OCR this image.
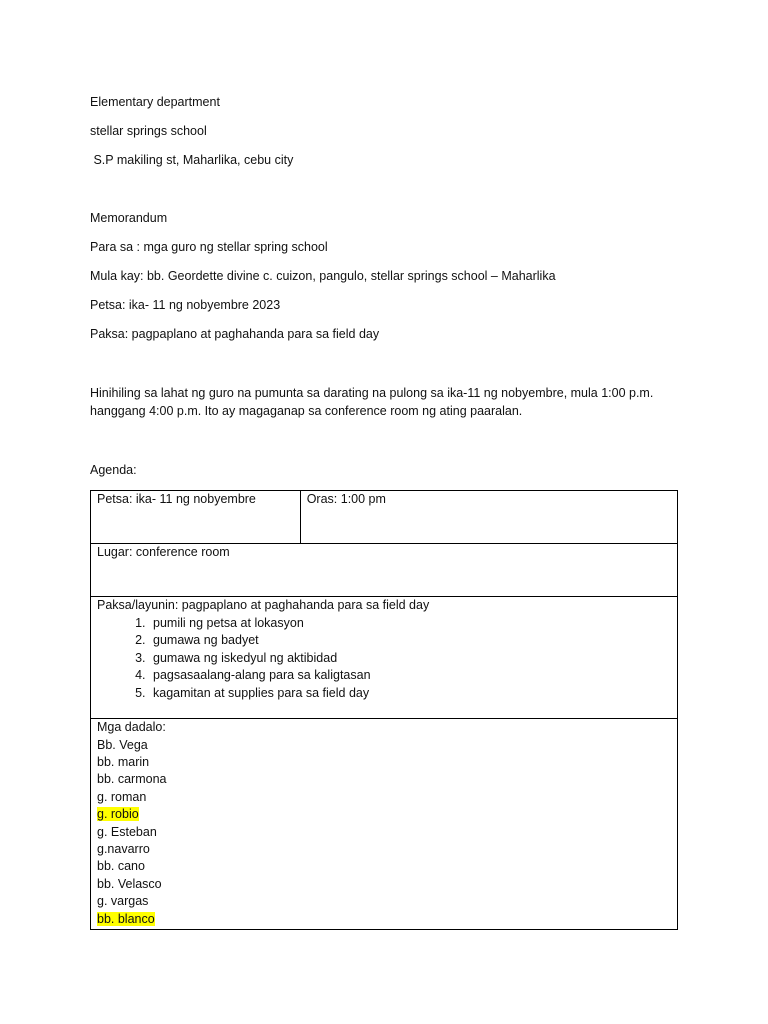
Elementary department
stellar springs school
S.P makiling st, Maharlika, cebu city
Memorandum
Para sa : mga guro ng stellar spring school
Mula kay: bb. Geordette divine c. cuizon, pangulo, stellar springs school – Maharlika
Petsa: ika- 11 ng nobyembre 2023
Paksa: pagpaplano at paghahanda para sa field day
Hinihiling sa lahat ng guro na pumunta sa darating na pulong sa ika-11 ng nobyembre, mula 1:00 p.m. hanggang 4:00 p.m. Ito ay magaganap sa conference room ng ating paaralan.
Agenda:
Petsa: ika- 11 ng nobyembre	Oras: 1:00 pm
Lugar: conference room

Paksa/layunin: pagpaplano at paghahanda para sa field day
1. pumili ng petsa at lokasyon
2. gumawa ng badyet
3. gumawa ng iskedyul ng aktibidad
4. pagsasaalang-alang para sa kaligtasan
5. kagamitan at supplies para sa field day

Mga dadalo:
Bb. Vega
bb. marin
bb. carmona
g. roman
g. robio
g. Esteban
g.navarro
bb. cano
bb. Velasco
g. vargas
bb. blanco
